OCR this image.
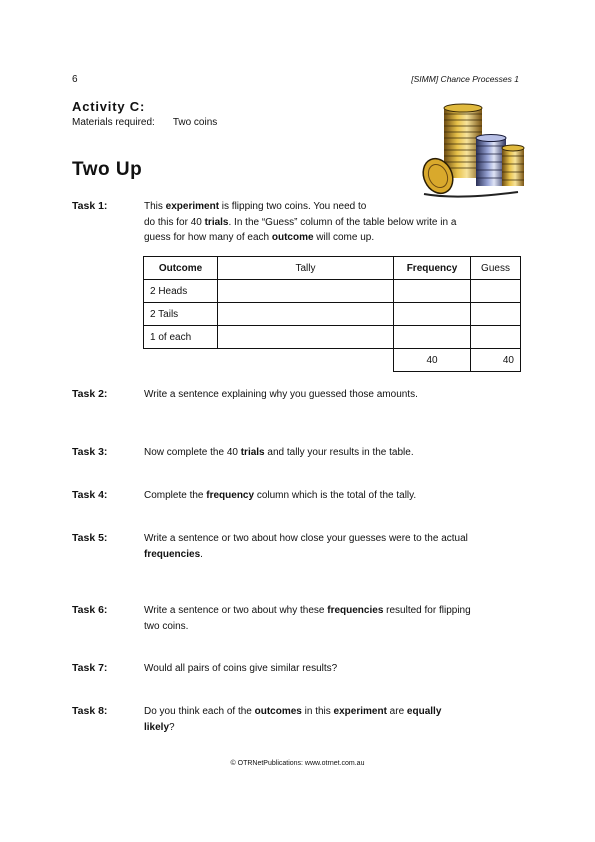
6	[SIMM] Chance Processes 1
Activity C:
Materials required: Two coins
Two Up
Task 1:
Task 2:
Task 3:
Task 4:
Task 5:
Task 6:
Task 7:
Task 8:
This experiment is flipping two coins. You need to
do this for 40 trials. In the “Guess” column of the table below write in a
guess for how many of each outcome will come up.
Outcome	Tally	Frequency	Guess
2 Heads			
2 Tails			
1 of each			
		40	40
Write a sentence explaining why you guessed those amounts.
Now complete the 40 trials and tally your results in the table.
Complete the frequency column which is the total of the tally.
Write a sentence or two about how close your guesses were to the actual
frequencies.
Write a sentence or two about why these frequencies resulted for flipping
two coins.
Would all pairs of coins give similar results?
Do you think each of the outcomes in this experiment are equally
likely?
© OTRNetPublications: www.otrnet.com.au
